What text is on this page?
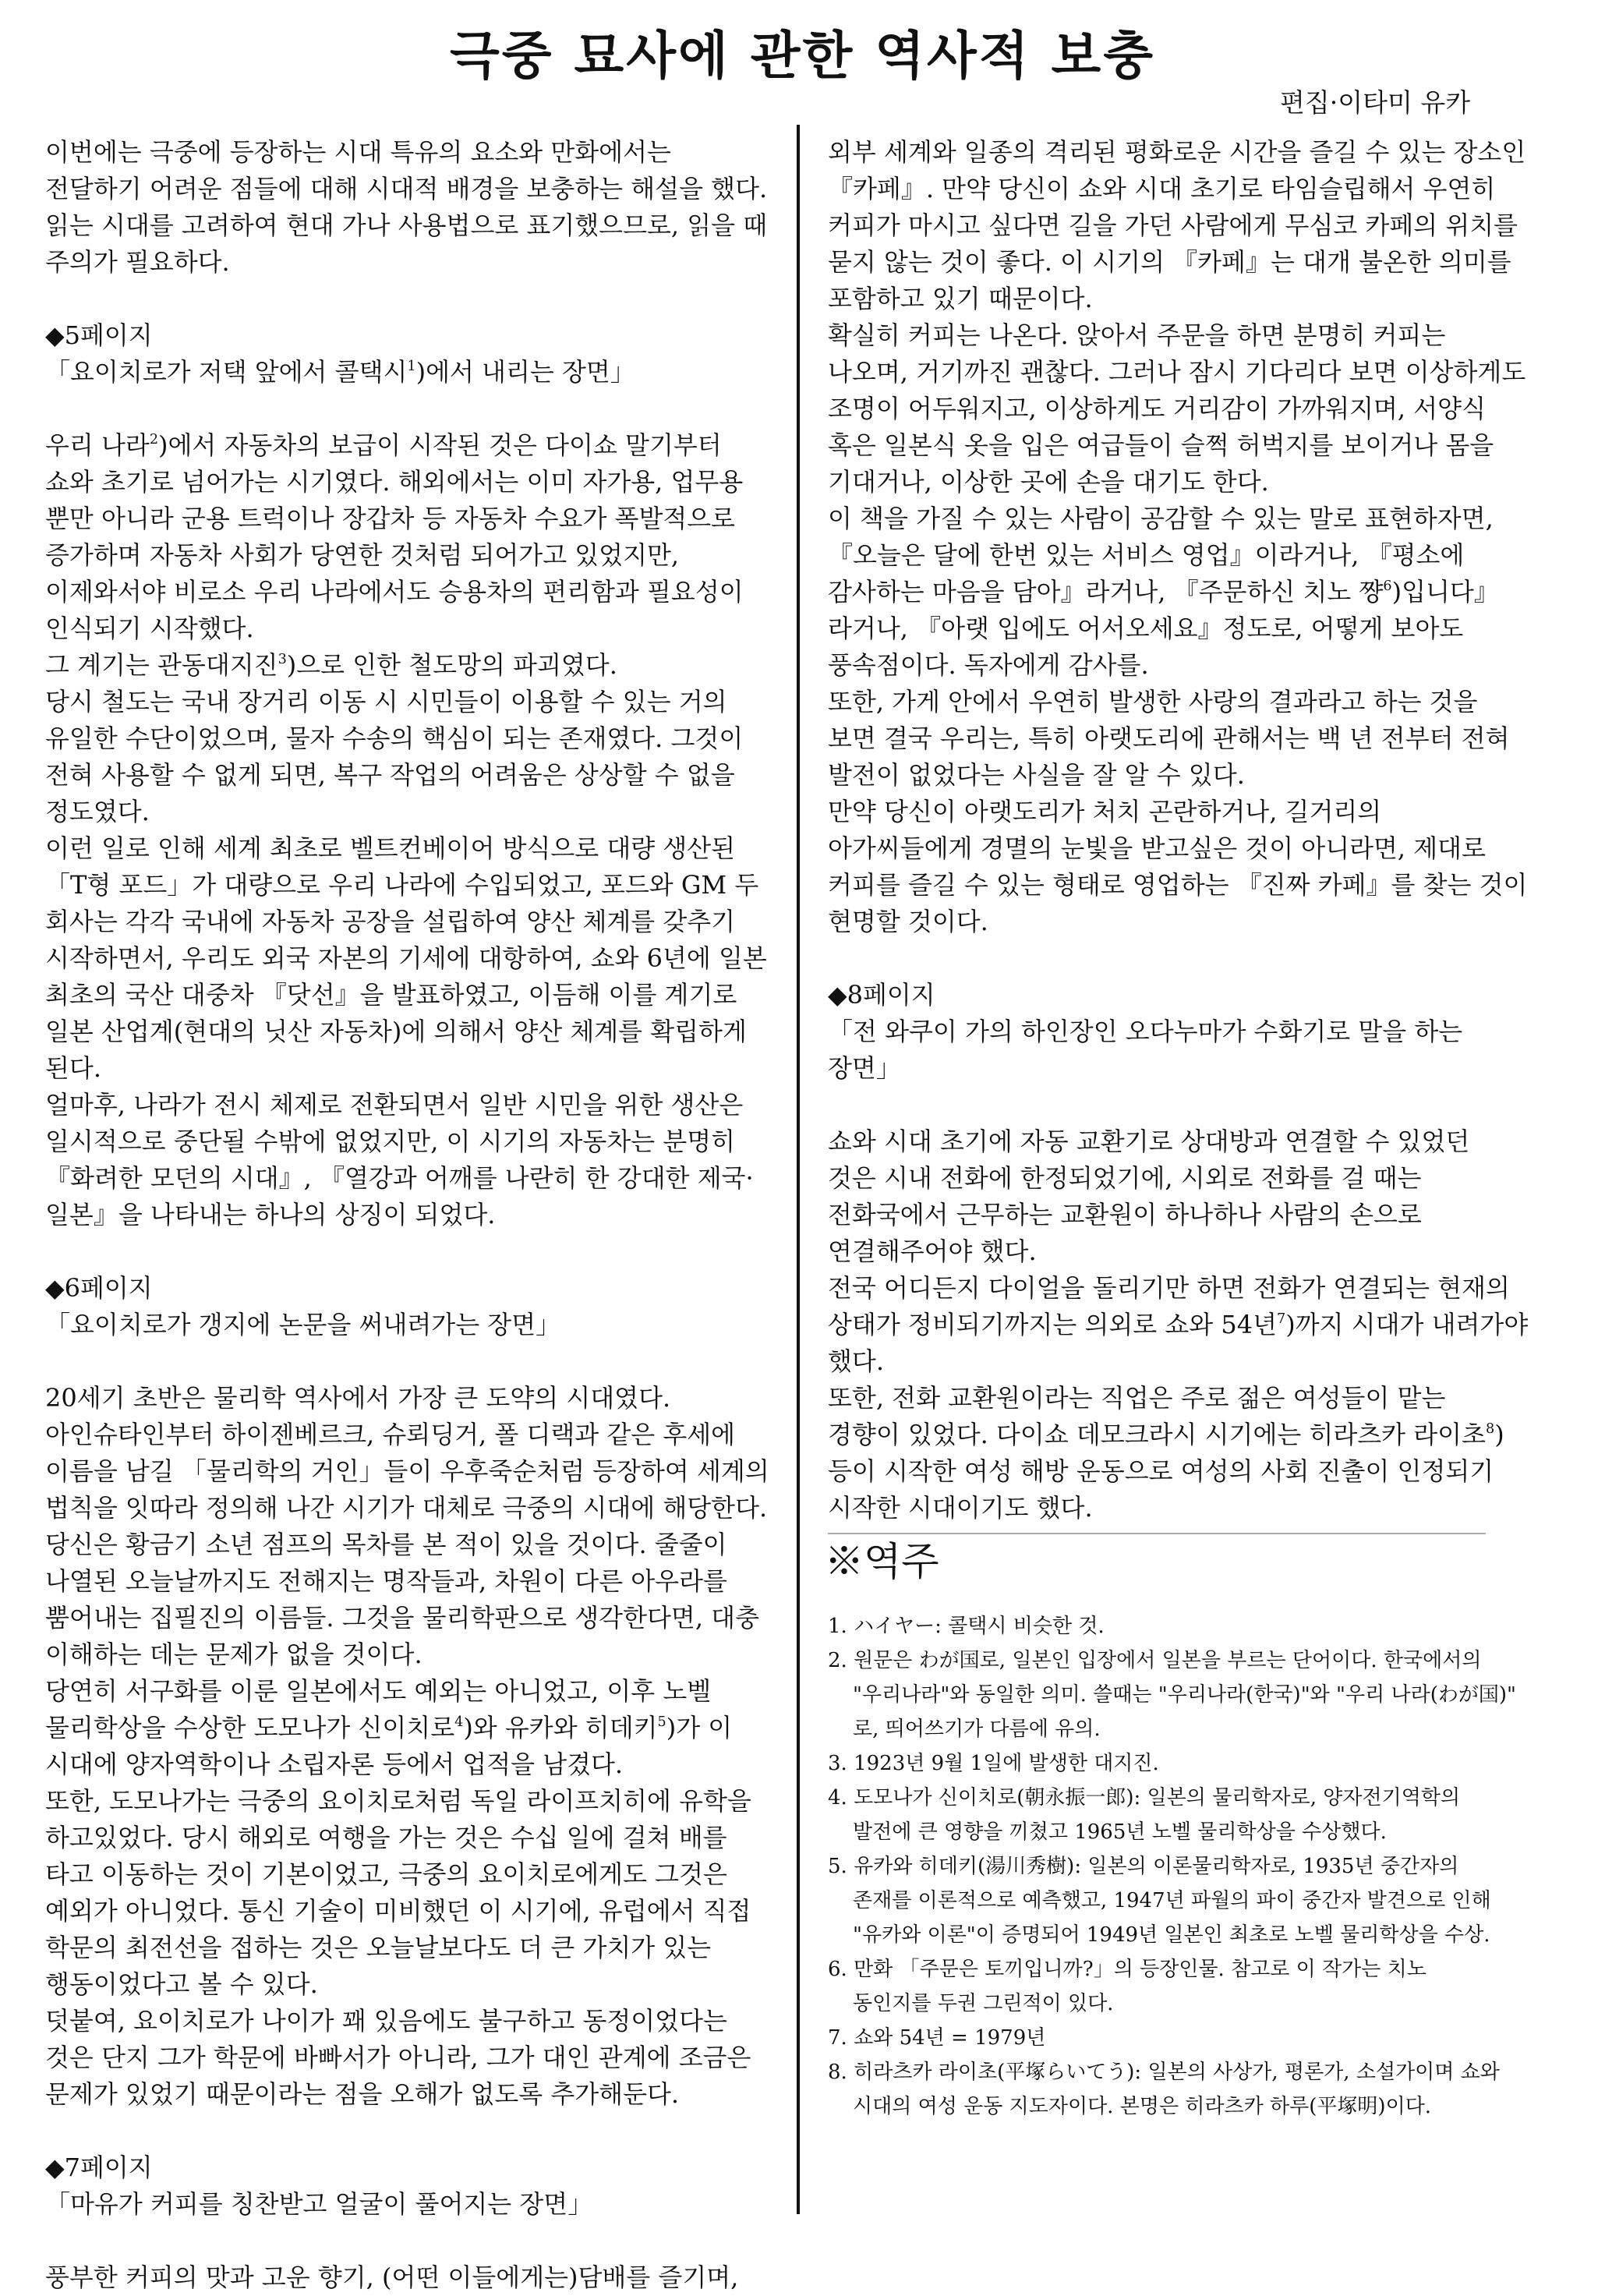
극중 묘사에 관한 역사적 보충
편집·이타미 유카

이번에는 극중에 등장하는 시대 특유의 요소와 만화에서는

전달하기 어려운 점들에 대해 시대적 배경을 보충하는 해설을 했다.

읽는 시대를 고려하여 현대 가나 사용법으로 표기했으므로, 읽을 때

주의가 필요하다.

◆5페이지

「요이치로가 저택 앞에서 콜택시$^1$)에서 내리는 장면」

우리 나라$^2$)에서 자동차의 보급이 시작된 것은 다이쇼 말기부터

쇼와 초기로 넘어가는 시기였다. 해외에서는 이미 자가용, 업무용

뿐만 아니라 군용 트럭이나 장갑차 등 자동차 수요가 폭발적으로

증가하며 자동차 사회가 당연한 것처럼 되어가고 있었지만,

이제와서야 비로소 우리 나라에서도 승용차의 편리함과 필요성이

인식되기 시작했다.

그 계기는 관동대지진$^3$)으로 인한 철도망의 파괴였다.

당시 철도는 국내 장거리 이동 시 시민들이 이용할 수 있는 거의

유일한 수단이었으며, 물자 수송의 핵심이 되는 존재였다. 그것이

전혀 사용할 수 없게 되면, 복구 작업의 어려움은 상상할 수 없을

정도였다.

이런 일로 인해 세계 최초로 벨트컨베이어 방식으로 대량 생산된

「T형 포드」가 대량으로 우리 나라에 수입되었고, 포드와 GM 두

회사는 각각 국내에 자동차 공장을 설립하여 양산 체계를 갖추기

시작하면서, 우리도 외국 자본의 기세에 대항하여, 쇼와 6년에 일본

최초의 국산 대중차 『닷선』을 발표하였고, 이듬해 이를 계기로

일본 산업계(현대의 닛산 자동차)에 의해서 양산 체계를 확립하게

된다.

얼마후, 나라가 전시 체제로 전환되면서 일반 시민을 위한 생산은

일시적으로 중단될 수밖에 없었지만, 이 시기의 자동차는 분명히

『화려한 모던의 시대』, 『열강과 어깨를 나란히 한 강대한 제국·

일본』을 나타내는 하나의 상징이 되었다.

◆6페이지

「요이치로가 갱지에 논문을 써내려가는 장면」

20세기 초반은 물리학 역사에서 가장 큰 도약의 시대였다.

아인슈타인부터 하이젠베르크, 슈뢰딩거, 폴 디랙과 같은 후세에

이름을 남길 「물리학의 거인」들이 우후죽순처럼 등장하여 세계의

법칙을 잇따라 정의해 나간 시기가 대체로 극중의 시대에 해당한다.

당신은 황금기 소년 점프의 목차를 본 적이 있을 것이다. 줄줄이

나열된 오늘날까지도 전해지는 명작들과, 차원이 다른 아우라를

뿜어내는 집필진의 이름들. 그것을 물리학판으로 생각한다면, 대충

이해하는 데는 문제가 없을 것이다.

당연히 서구화를 이룬 일본에서도 예외는 아니었고, 이후 노벨

물리학상을 수상한 도모나가 신이치로$^4$)와 유카와 히데키$^5$)가 이

시대에 양자역학이나 소립자론 등에서 업적을 남겼다.

또한, 도모나가는 극중의 요이치로처럼 독일 라이프치히에 유학을

하고있었다. 당시 해외로 여행을 가는 것은 수십 일에 걸쳐 배를

타고 이동하는 것이 기본이었고, 극중의 요이치로에게도 그것은

예외가 아니었다. 통신 기술이 미비했던 이 시기에, 유럽에서 직접

학문의 최전선을 접하는 것은 오늘날보다도 더 큰 가치가 있는

행동이었다고 볼 수 있다.

덧붙여, 요이치로가 나이가 꽤 있음에도 불구하고 동정이었다는

것은 단지 그가 학문에 바빠서가 아니라, 그가 대인 관계에 조금은

문제가 있었기 때문이라는 점을 오해가 없도록 추가해둔다.

◆7페이지

「마유가 커피를 칭찬받고 얼굴이 풀어지는 장면」

풍부한 커피의 맛과 고운 향기, (어떤 이들에게는)담배를 즐기며,

외부 세계와 일종의 격리된 평화로운 시간을 즐길 수 있는 장소인

『카페』. 만약 당신이 쇼와 시대 초기로 타임슬립해서 우연히

커피가 마시고 싶다면 길을 가던 사람에게 무심코 카페의 위치를

묻지 않는 것이 좋다. 이 시기의 『카페』는 대개 불온한 의미를

포함하고 있기 때문이다.

확실히 커피는 나온다. 앉아서 주문을 하면 분명히 커피는

나오며, 거기까진 괜찮다. 그러나 잠시 기다리다 보면 이상하게도

조명이 어두워지고, 이상하게도 거리감이 가까워지며, 서양식

혹은 일본식 옷을 입은 여급들이 슬쩍 허벅지를 보이거나 몸을

기대거나, 이상한 곳에 손을 대기도 한다.

이 책을 가질 수 있는 사람이 공감할 수 있는 말로 표현하자면,

『오늘은 달에 한번 있는 서비스 영업』이라거나, 『평소에

감사하는 마음을 담아』라거나, 『주문하신 치노 쨩$^6$)입니다』

라거나, 『아랫 입에도 어서오세요』정도로, 어떻게 보아도

풍속점이다. 독자에게 감사를.

또한, 가게 안에서 우연히 발생한 사랑의 결과라고 하는 것을

보면 결국 우리는, 특히 아랫도리에 관해서는 백 년 전부터 전혀

발전이 없었다는 사실을 잘 알 수 있다.

만약 당신이 아랫도리가 처치 곤란하거나, 길거리의

아가씨들에게 경멸의 눈빛을 받고싶은 것이 아니라면, 제대로

커피를 즐길 수 있는 형태로 영업하는 『진짜 카페』를 찾는 것이

현명할 것이다.

◆8페이지

「전 와쿠이 가의 하인장인 오다누마가 수화기로 말을 하는

장면」

쇼와 시대 초기에 자동 교환기로 상대방과 연결할 수 있었던

것은 시내 전화에 한정되었기에, 시외로 전화를 걸 때는

전화국에서 근무하는 교환원이 하나하나 사람의 손으로

연결해주어야 했다.

전국 어디든지 다이얼을 돌리기만 하면 전화가 연결되는 현재의

상태가 정비되기까지는 의외로 쇼와 54년$^7$)까지 시대가 내려가야

했다.

또한, 전화 교환원이라는 직업은 주로 젊은 여성들이 맡는

경향이 있었다. 다이쇼 데모크라시 시기에는 히라츠카 라이초$^8$)

등이 시작한 여성 해방 운동으로 여성의 사회 진출이 인정되기

시작한 시대이기도 했다.

※역주
1. ハイヤー: 콜택시 비슷한 것.
2. 원문은 わが国로, 일본인 입장에서 일본을 부르는 단어이다. 한국에서의
"우리나라"와 동일한 의미. 쓸때는 "우리나라(한국)"와 "우리 나라(わが国)"
로, 띄어쓰기가 다름에 유의.
3. 1923년 9월 1일에 발생한 대지진.
4. 도모나가 신이치로(朝永振一郎): 일본의 물리학자로, 양자전기역학의
발전에 큰 영향을 끼쳤고 1965년 노벨 물리학상을 수상했다.
5. 유카와 히데키(湯川秀樹): 일본의 이론물리학자로, 1935년 중간자의
존재를 이론적으로 예측했고, 1947년 파월의 파이 중간자 발견으로 인해
"유카와 이론"이 증명되어 1949년 일본인 최초로 노벨 물리학상을 수상.
6. 만화 「주문은 토끼입니까?」의 등장인물. 참고로 이 작가는 치노
동인지를 두권 그린적이 있다.
7. 쇼와 54년 = 1979년
8. 히라츠카 라이초(平塚らいてう): 일본의 사상가, 평론가, 소설가이며 쇼와
시대의 여성 운동 지도자이다. 본명은 히라츠카 하루(平塚明)이다.
